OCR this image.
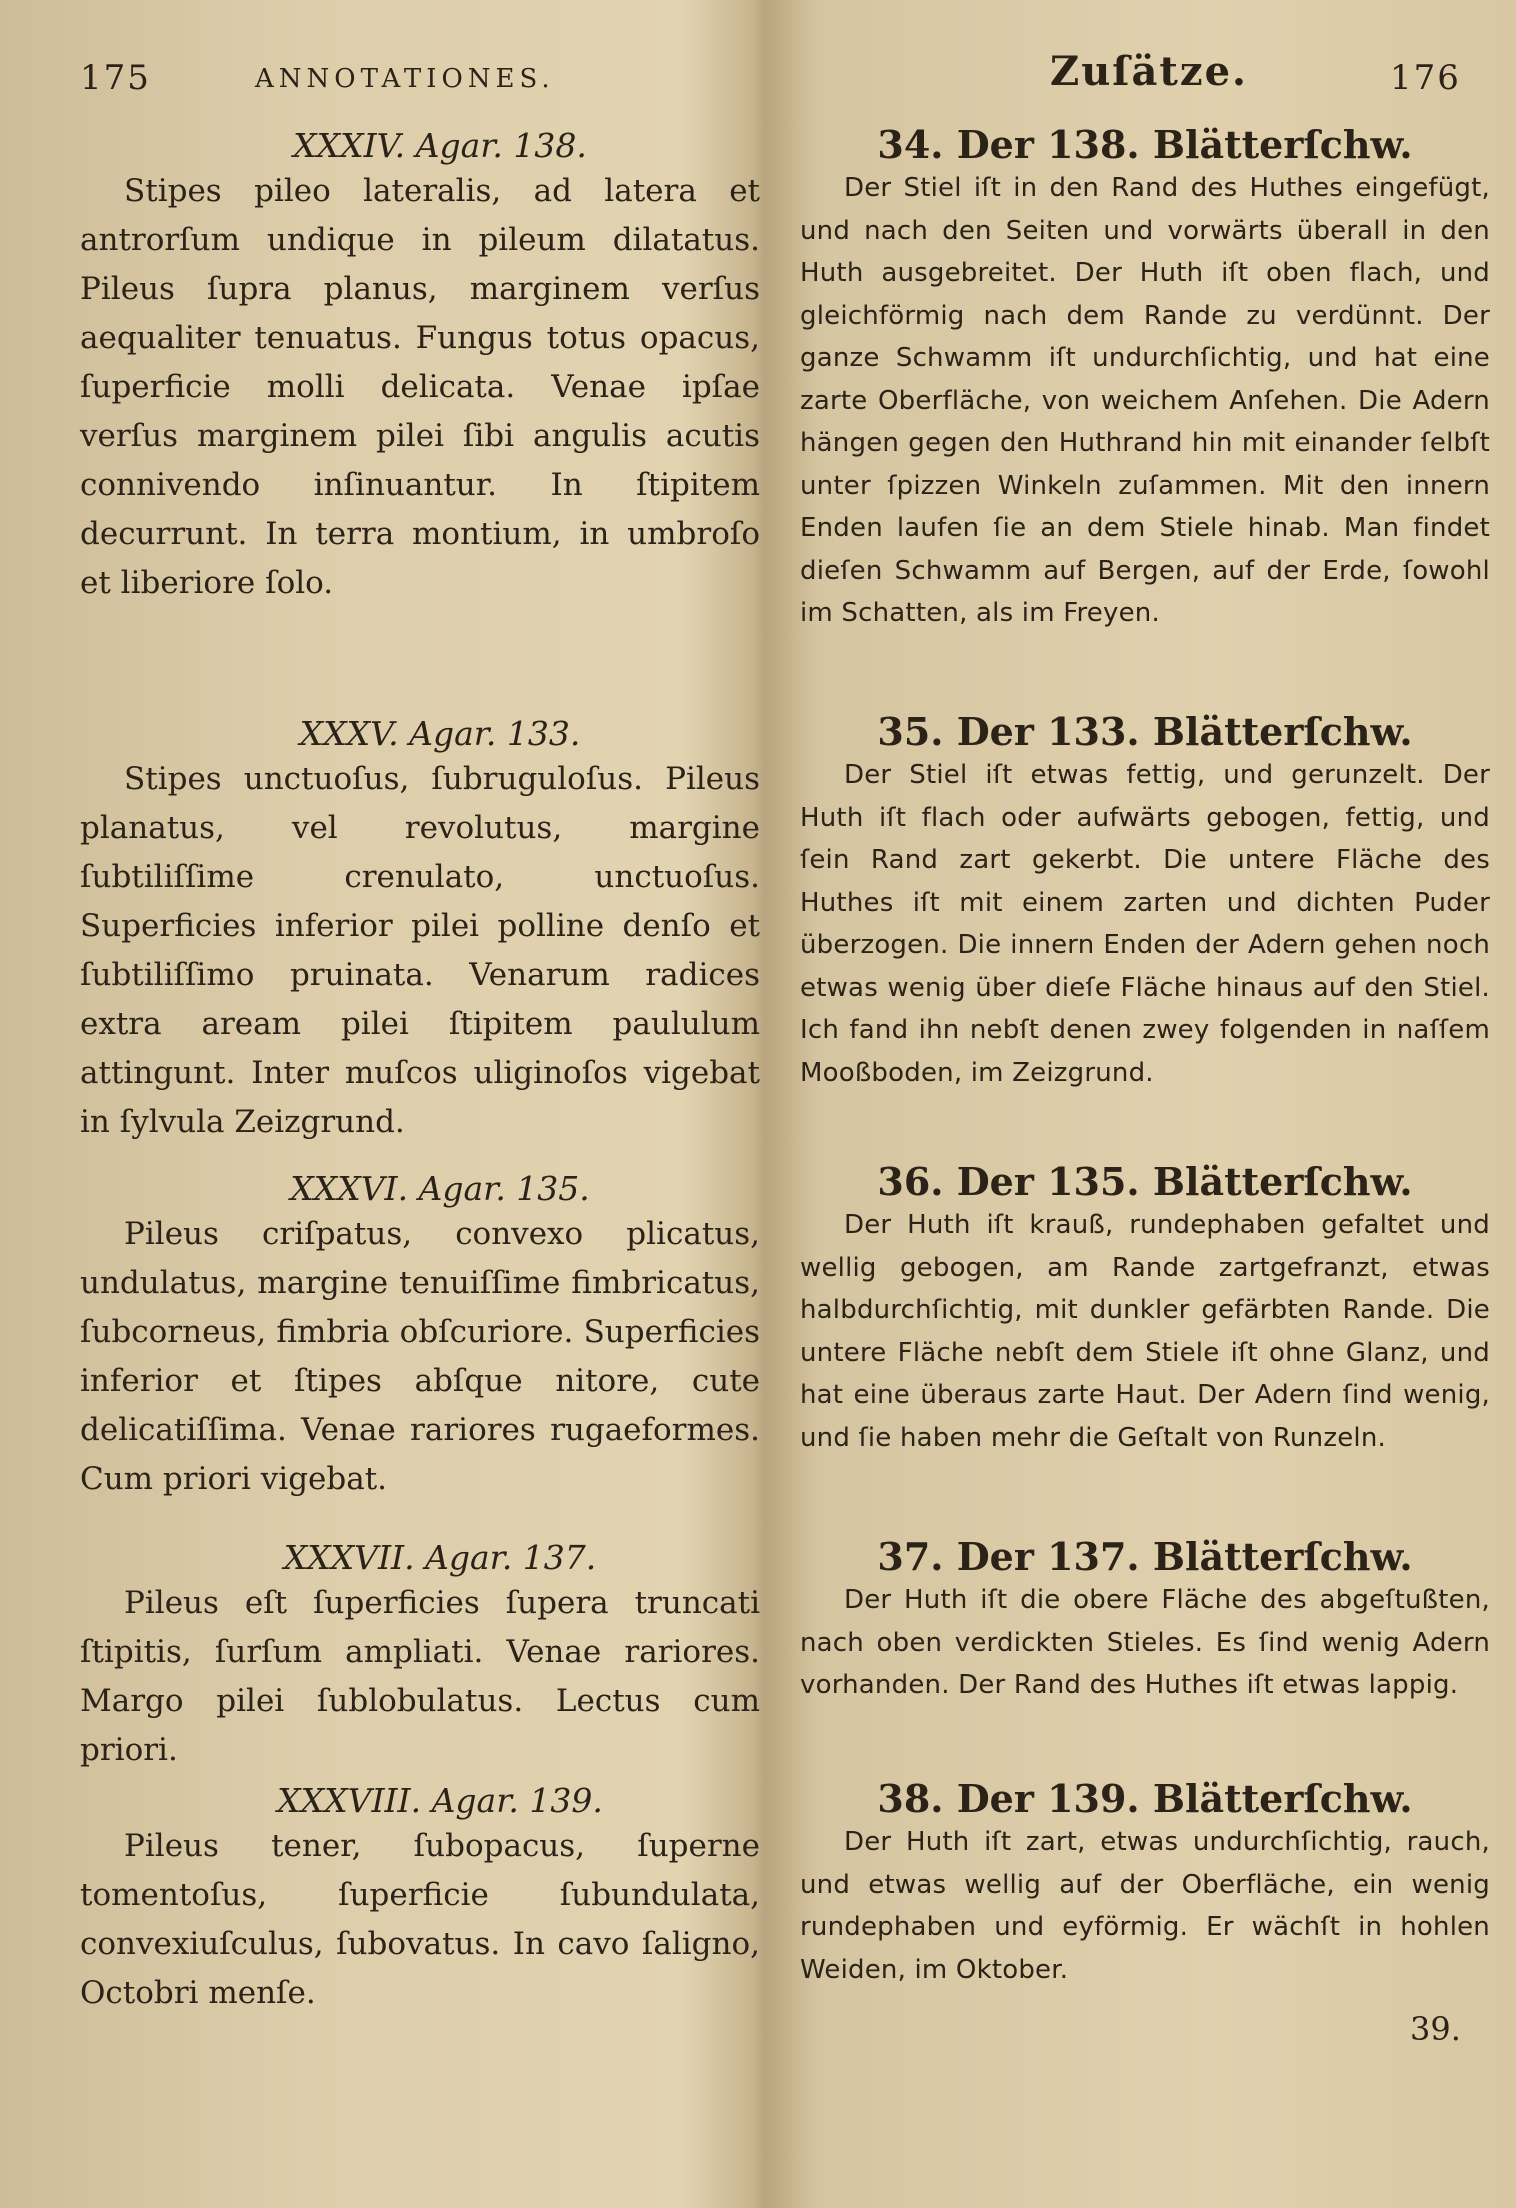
175	ANNOTATIONES.
XXXIV. Agar. 138.

Stipes pileo lateralis, ad latera et antrorſum undique in pileum dilatatus. Pileus ſupra planus, marginem verſus aequaliter tenuatus. Fungus totus opacus, ſuperficie molli delicata. Venae ipſae verſus marginem pilei ſibi angulis acutis connivendo inſinuantur. In ſtipitem decurrunt. In terra montium, in umbroſo et liberiore ſolo.

XXXV. Agar. 133.

Stipes unctuoſus, ſubruguloſus. Pileus planatus, vel revolutus, margine ſubtiliſſime crenulato, unctuoſus. Superficies inferior pilei polline denſo et ſubtiliſſimo pruinata. Venarum radices extra aream pilei ſtipitem paululum attingunt. Inter muſcos uliginoſos vigebat in ſylvula Zeizgrund.

XXXVI. Agar. 135.

Pileus criſpatus, convexo plicatus, undulatus, margine tenuiſſime fimbricatus, ſubcorneus, fimbria obſcuriore. Superficies inferior et ſtipes abſque nitore, cute delicatiſſima. Venae rariores rugaeformes. Cum priori vigebat.

XXXVII. Agar. 137.

Pileus eſt ſuperficies ſupera truncati ſtipitis, ſurſum ampliati. Venae rariores. Margo pilei ſublobulatus. Lectus cum priori.

XXXVIII. Agar. 139.

Pileus tener, ſubopacus, ſuperne tomentoſus, ſuperficie ſubundulata, convexiuſculus, ſubovatus. In cavo ſaligno, Octobri menſe.

Zuſätze.	176
34. Der 138. Blätterſchw.

Der Stiel iſt in den Rand des Huthes eingefügt, und nach den Seiten und vorwärts überall in den Huth ausgebreitet. Der Huth iſt oben flach, und gleichförmig nach dem Rande zu verdünnt. Der ganze Schwamm iſt undurchſichtig, und hat eine zarte Oberfläche, von weichem Anſehen. Die Adern hängen gegen den Huthrand hin mit einander ſelbſt unter ſpizzen Winkeln zuſammen. Mit den innern Enden laufen ſie an dem Stiele hinab. Man findet dieſen Schwamm auf Bergen, auf der Erde, ſowohl im Schatten, als im Freyen.

35. Der 133. Blätterſchw.

Der Stiel iſt etwas fettig, und gerunzelt. Der Huth iſt flach oder aufwärts gebogen, fettig, und ſein Rand zart gekerbt. Die untere Fläche des Huthes iſt mit einem zarten und dichten Puder überzogen. Die innern Enden der Adern gehen noch etwas wenig über dieſe Fläche hinaus auf den Stiel. Ich fand ihn nebſt denen zwey folgenden in naſſem Mooßboden, im Zeizgrund.

36. Der 135. Blätterſchw.

Der Huth iſt krauß, rundерhaben gefaltet und wellig gebogen, am Rande zartgefranzt, etwas halbdurchſichtig, mit dunkler gefärbten Rande. Die untere Fläche nebſt dem Stiele iſt ohne Glanz, und hat eine überaus zarte Haut. Der Adern ſind wenig, und ſie haben mehr die Geſtalt von Runzeln.

37. Der 137. Blätterſchw.

Der Huth iſt die obere Fläche des abgeſtußten, nach oben verdickten Stieles. Es ſind wenig Adern vorhanden. Der Rand des Huthes iſt etwas lappig.

38. Der 139. Blätterſchw.

Der Huth iſt zart, etwas undurchſichtig, rauch, und etwas wellig auf der Oberfläche, ein wenig rundерhaben und eyförmig. Er wächſt in hohlen Weiden, im Oktober.

39.
